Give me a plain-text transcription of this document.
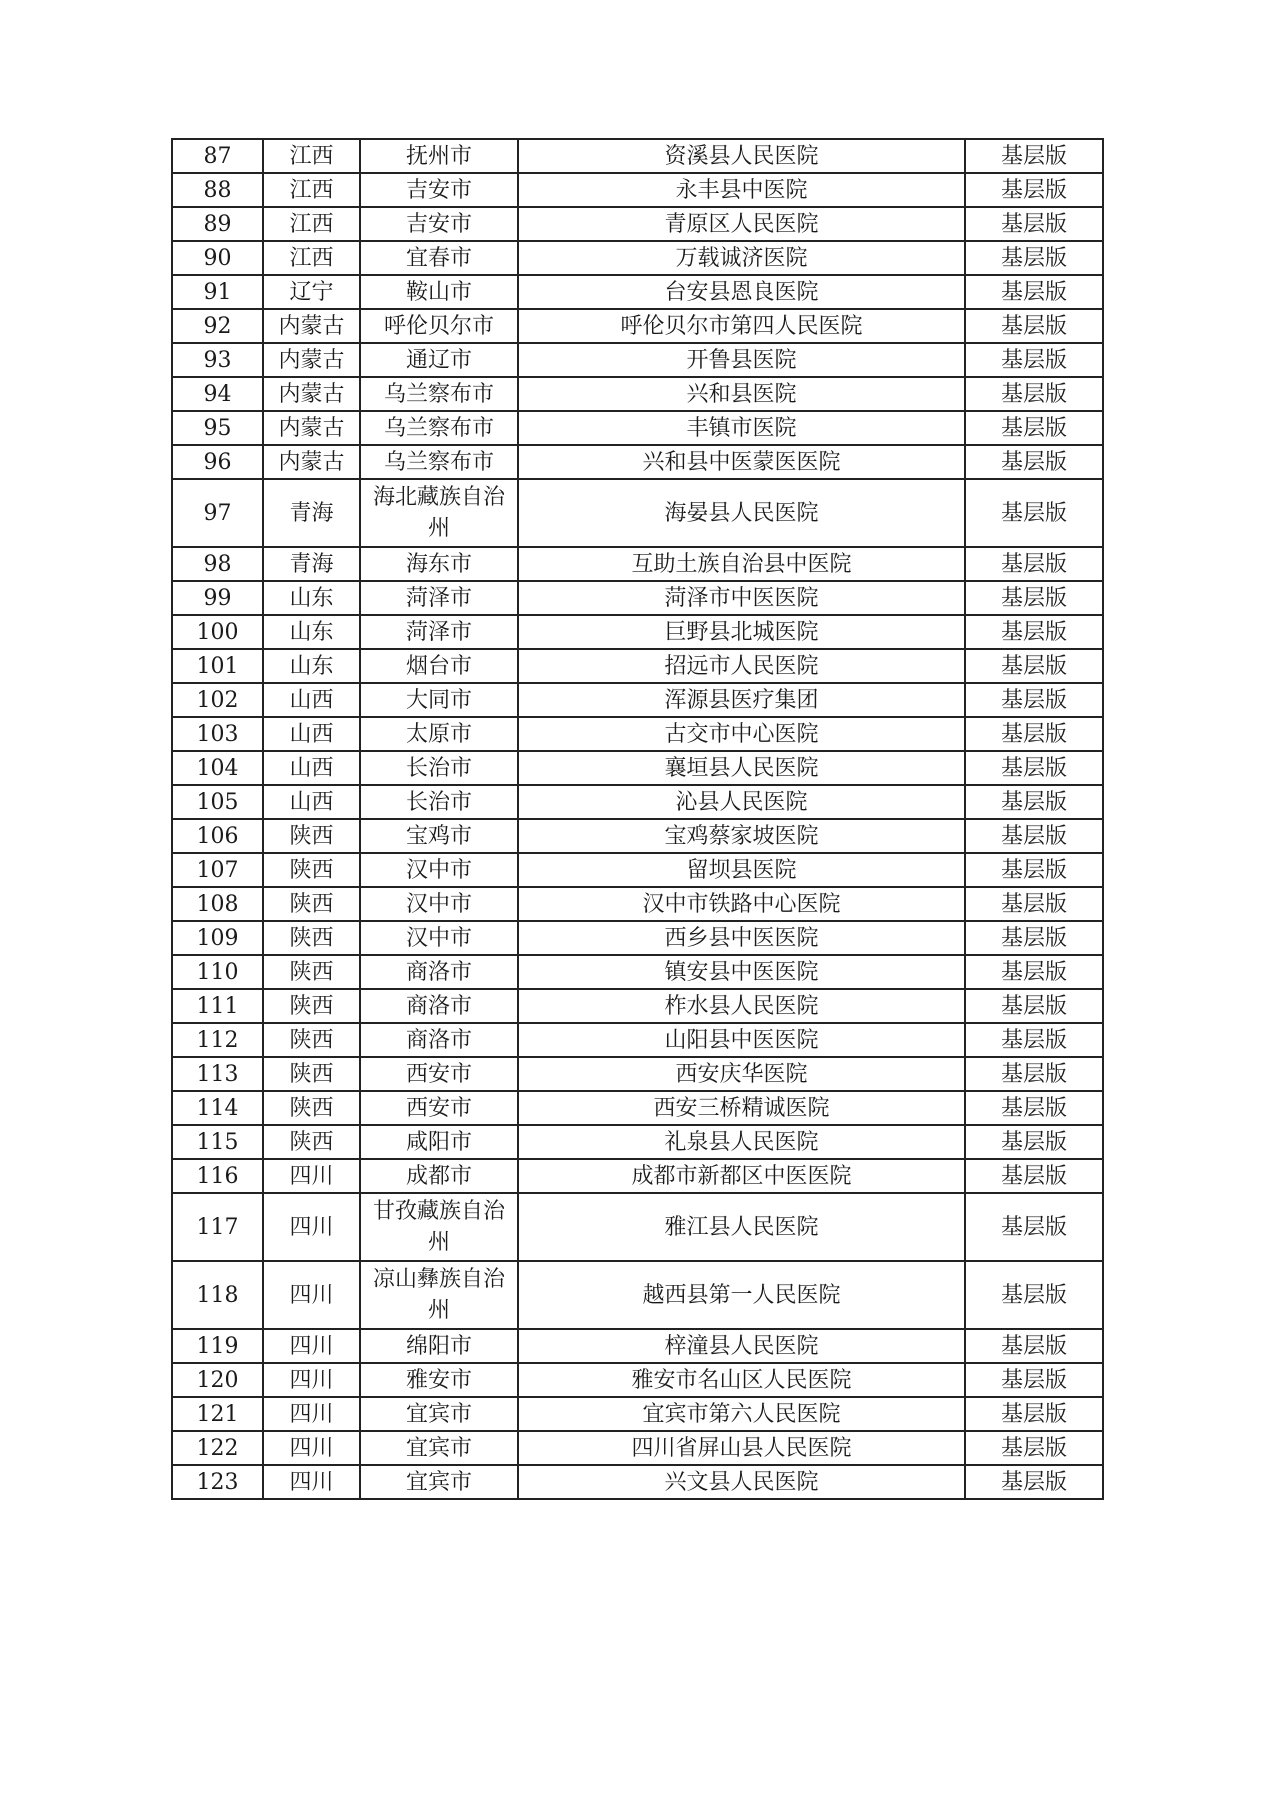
87	江西	抚州市	资溪县人民医院	基层版
88	江西	吉安市	永丰县中医院	基层版
89	江西	吉安市	青原区人民医院	基层版
90	江西	宜春市	万载诚济医院	基层版
91	辽宁	鞍山市	台安县恩良医院	基层版
92	内蒙古	呼伦贝尔市	呼伦贝尔市第四人民医院	基层版
93	内蒙古	通辽市	开鲁县医院	基层版
94	内蒙古	乌兰察布市	兴和县医院	基层版
95	内蒙古	乌兰察布市	丰镇市医院	基层版
96	内蒙古	乌兰察布市	兴和县中医蒙医医院	基层版
97	青海	海北藏族自治州	海晏县人民医院	基层版
98	青海	海东市	互助土族自治县中医院	基层版
99	山东	菏泽市	菏泽市中医医院	基层版
100	山东	菏泽市	巨野县北城医院	基层版
101	山东	烟台市	招远市人民医院	基层版
102	山西	大同市	浑源县医疗集团	基层版
103	山西	太原市	古交市中心医院	基层版
104	山西	长治市	襄垣县人民医院	基层版
105	山西	长治市	沁县人民医院	基层版
106	陕西	宝鸡市	宝鸡蔡家坡医院	基层版
107	陕西	汉中市	留坝县医院	基层版
108	陕西	汉中市	汉中市铁路中心医院	基层版
109	陕西	汉中市	西乡县中医医院	基层版
110	陕西	商洛市	镇安县中医医院	基层版
111	陕西	商洛市	柞水县人民医院	基层版
112	陕西	商洛市	山阳县中医医院	基层版
113	陕西	西安市	西安庆华医院	基层版
114	陕西	西安市	西安三桥精诚医院	基层版
115	陕西	咸阳市	礼泉县人民医院	基层版
116	四川	成都市	成都市新都区中医医院	基层版
117	四川	甘孜藏族自治州	雅江县人民医院	基层版
118	四川	凉山彝族自治州	越西县第一人民医院	基层版
119	四川	绵阳市	梓潼县人民医院	基层版
120	四川	雅安市	雅安市名山区人民医院	基层版
121	四川	宜宾市	宜宾市第六人民医院	基层版
122	四川	宜宾市	四川省屏山县人民医院	基层版
123	四川	宜宾市	兴文县人民医院	基层版
